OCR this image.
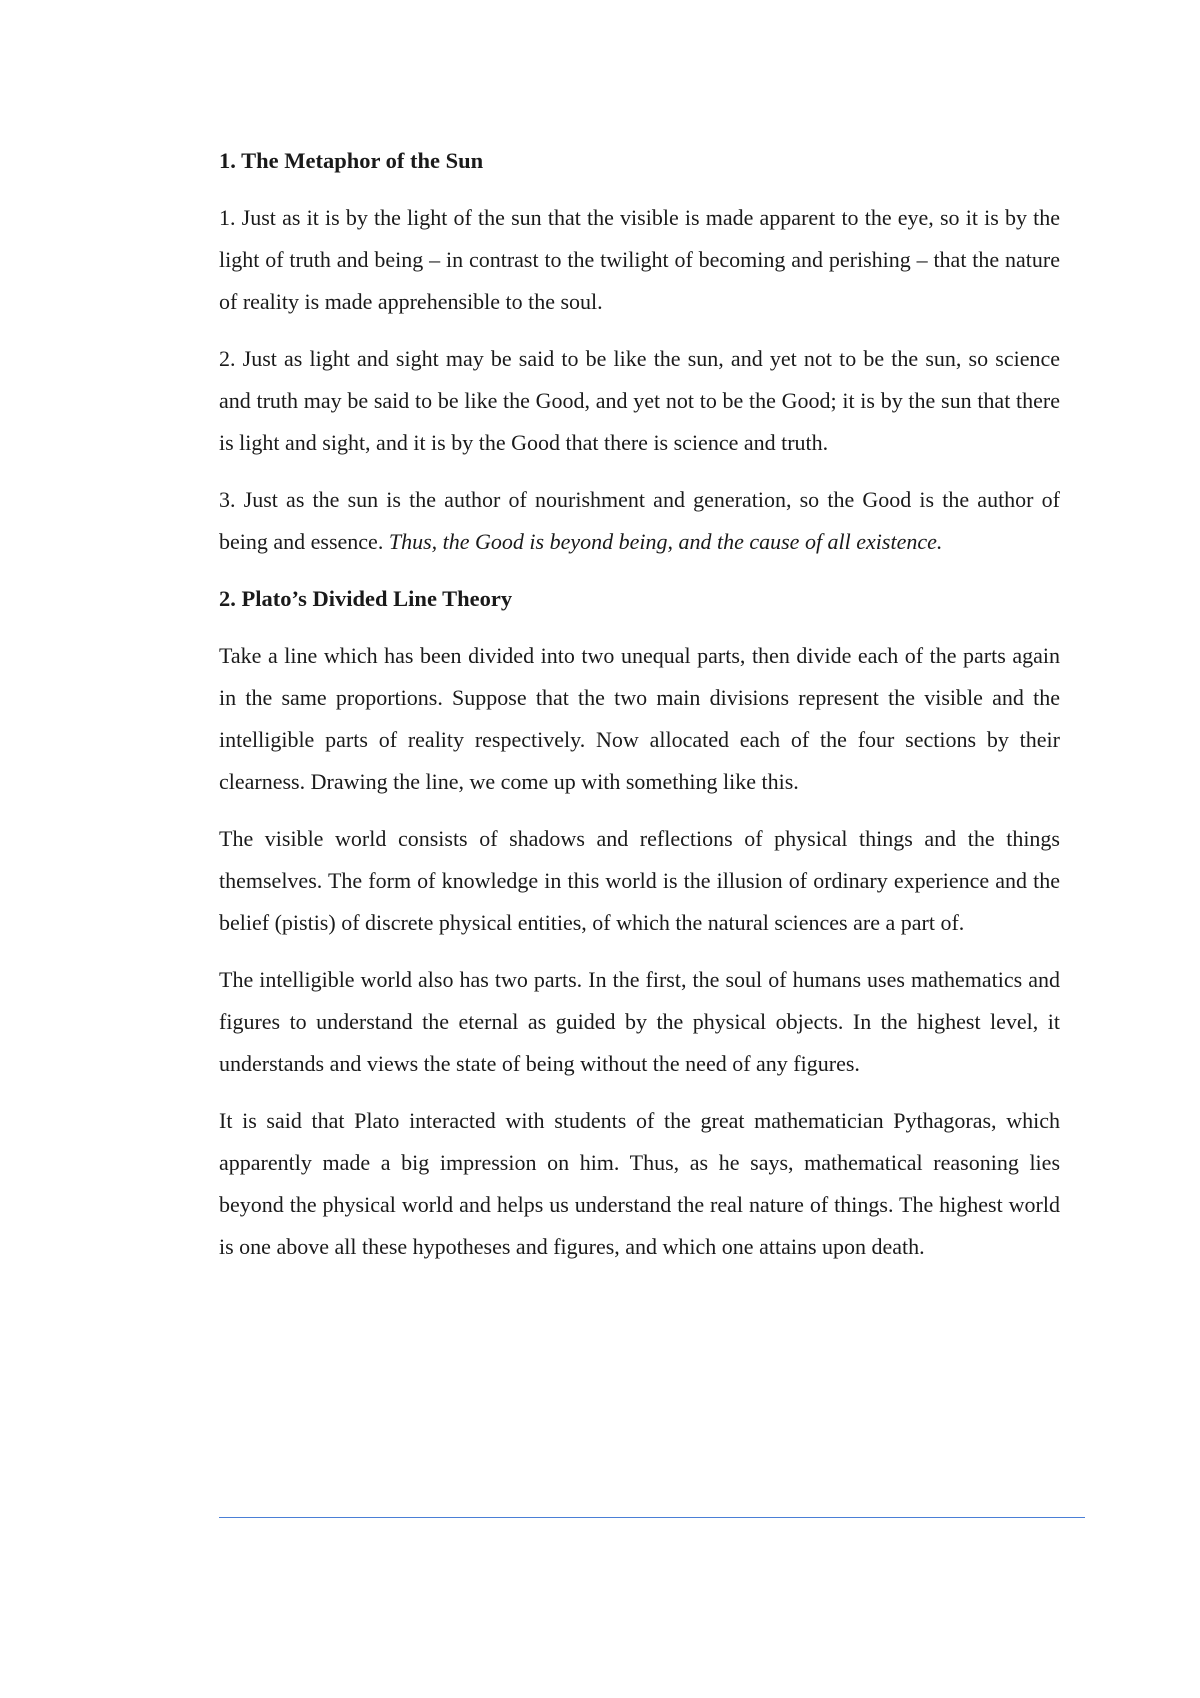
1. The Metaphor of the Sun

1. Just as it is by the light of the sun that the visible is made apparent to the eye, so it is by the light of truth and being – in contrast to the twilight of becoming and perishing – that the nature of reality is made apprehensible to the soul.

2. Just as light and sight may be said to be like the sun, and yet not to be the sun, so science and truth may be said to be like the Good, and yet not to be the Good; it is by the sun that there is light and sight, and it is by the Good that there is science and truth.

3. Just as the sun is the author of nourishment and generation, so the Good is the author of being and essence. Thus, the Good is beyond being, and the cause of all existence.

2. Plato’s Divided Line Theory

Take a line which has been divided into two unequal parts, then divide each of the parts again in the same proportions. Suppose that the two main divisions represent the visible and the intelligible parts of reality respectively. Now allocated each of the four sections by their clearness. Drawing the line, we come up with something like this.

The visible world consists of shadows and reflections of physical things and the things themselves. The form of knowledge in this world is the illusion of ordinary experience and the belief (pistis) of discrete physical entities, of which the natural sciences are a part of.

The intelligible world also has two parts. In the first, the soul of humans uses mathematics and figures to understand the eternal as guided by the physical objects. In the highest level, it understands and views the state of being without the need of any figures.

It is said that Plato interacted with students of the great mathematician Pythagoras, which apparently made a big impression on him. Thus, as he says, mathematical reasoning lies beyond the physical world and helps us understand the real nature of things. The highest world is one above all these hypotheses and figures, and which one attains upon death.
